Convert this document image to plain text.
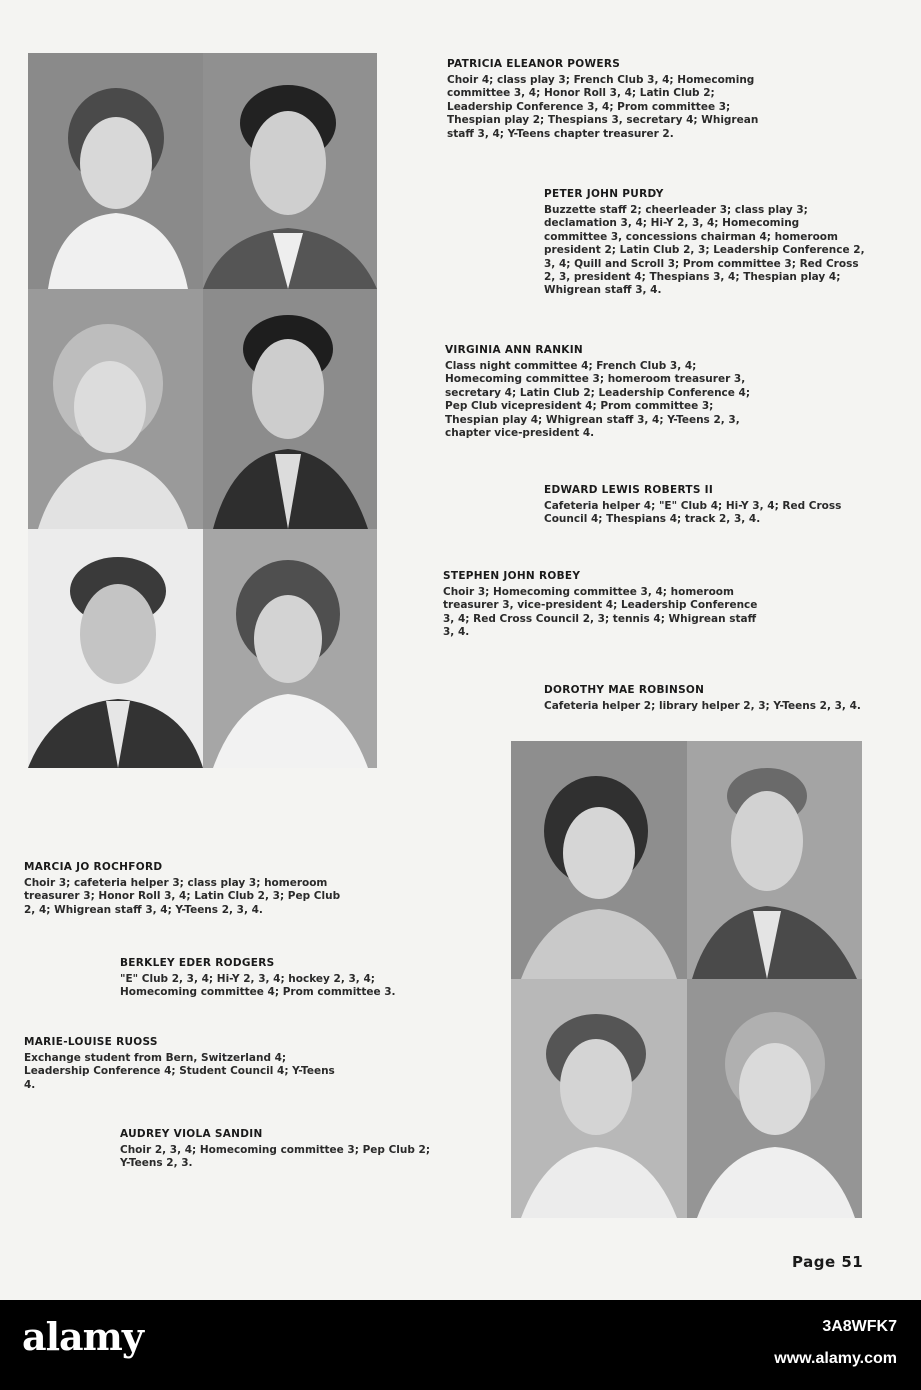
PATRICIA ELEANOR POWERS
Choir 4; class play 3; French Club 3, 4; Homecoming committee 3, 4; Honor Roll 3, 4; Latin Club 2; Leadership Conference 3, 4; Prom committee 3; Thespian play 2; Thespians 3, secretary 4; Whigrean staff 3, 4; Y-Teens chapter treasurer 2.
PETER JOHN PURDY
Buzzette staff 2; cheerleader 3; class play 3; declamation 3, 4; Hi-Y 2, 3, 4; Homecoming committee 3, concessions chairman 4; homeroom president 2; Latin Club 2, 3; Leadership Conference 2, 3, 4; Quill and Scroll 3; Prom committee 3; Red Cross 2, 3, president 4; Thespians 3, 4; Thespian play 4; Whigrean staff 3, 4.
VIRGINIA ANN RANKIN
Class night committee 4; French Club 3, 4; Homecoming committee 3; homeroom treasurer 3, secretary 4; Latin Club 2; Leadership Conference 4; Pep Club vicepresident 4; Prom committee 3; Thespian play 4; Whigrean staff 3, 4; Y-Teens 2, 3, chapter vice-president 4.
EDWARD LEWIS ROBERTS II
Cafeteria helper 4; "E" Club 4; Hi-Y 3, 4; Red Cross Council 4; Thespians 4; track 2, 3, 4.
STEPHEN JOHN ROBEY
Choir 3; Homecoming committee 3, 4; homeroom treasurer 3, vice-president 4; Leadership Conference 3, 4; Red Cross Council 2, 3; tennis 4; Whigrean staff 3, 4.
DOROTHY MAE ROBINSON
Cafeteria helper 2; library helper 2, 3; Y-Teens 2, 3, 4.
MARCIA JO ROCHFORD
Choir 3; cafeteria helper 3; class play 3; homeroom treasurer 3; Honor Roll 3, 4; Latin Club 2, 3; Pep Club 2, 4; Whigrean staff 3, 4; Y-Teens 2, 3, 4.
BERKLEY EDER RODGERS
"E" Club 2, 3, 4; Hi-Y 2, 3, 4; hockey 2, 3, 4; Homecoming committee 4; Prom committee 3.
MARIE-LOUISE RUOSS
Exchange student from Bern, Switzerland 4; Leadership Conference 4; Student Council 4; Y-Teens 4.
AUDREY VIOLA SANDIN
Choir 2, 3, 4; Homecoming committee 3; Pep Club 2; Y-Teens 2, 3.
Page 51
alamy	3A8WFK7
www.alamy.com
